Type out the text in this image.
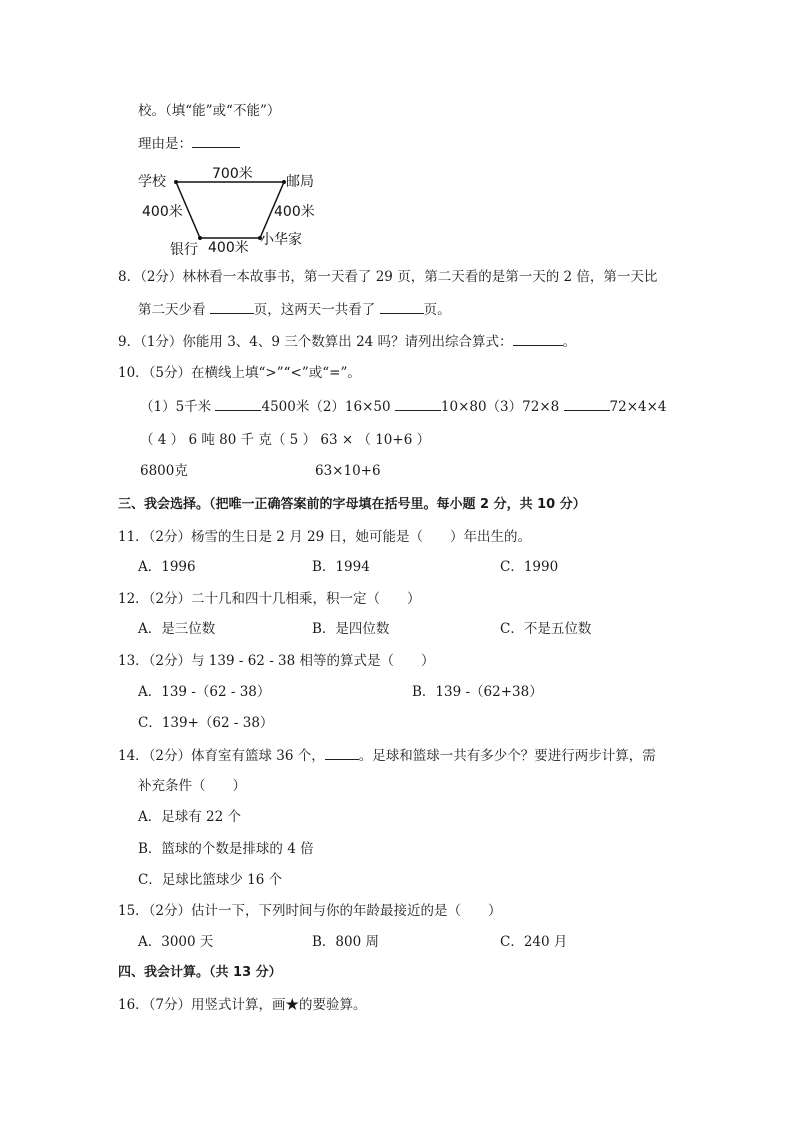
校。（填“能”或“不能”）
理由是：
学校	邮局
700米
400米	400米
银行 400米 小华家
8．（2分）林林看一本故事书，第一天看了 29 页，第二天看的是第一天的 2 倍，第一天比
第二天少看	页，这两天一共看了	页。
9．（1分）你能用 3、4、9 三个数算出 24 吗？请列出综合算式：	。
10．（5分）在横线上填“>”“<”或“=”。
（1）5千米	4500米（2）16×50	10×80（3）72×8	72×4×4
（ 4 ） 6 吨 80 千 克（ 5 ） 63 × （ 10+6 ）
6800克	63×10+6
三、我会选择。（把唯一正确答案前的字母填在括号里。每小题 2 分，共 10 分）
11．（2分）杨雪的生日是 2 月 29 日，她可能是（　　）年出生的。
A．1996	B．1994	C．1990
12．（2分）二十几和四十几相乘，积一定（　　）
A．是三位数	B．是四位数	C．不是五位数
13．（2分）与 139 - 62 - 38 相等的算式是（　　）
A．139 -（62 - 38）	B．139 -（62+38）
C．139+（62 - 38）
14．（2分）体育室有篮球 36 个，	。足球和篮球一共有多少个？要进行两步计算，需
补充条件（　　）
A．足球有 22 个
B．篮球的个数是排球的 4 倍
C．足球比篮球少 16 个
15．（2分）估计一下，下列时间与你的年龄最接近的是（　　）
A．3000 天	B．800 周	C．240 月
四、我会计算。（共 13 分）
16．（7分）用竖式计算，画★的要验算。
